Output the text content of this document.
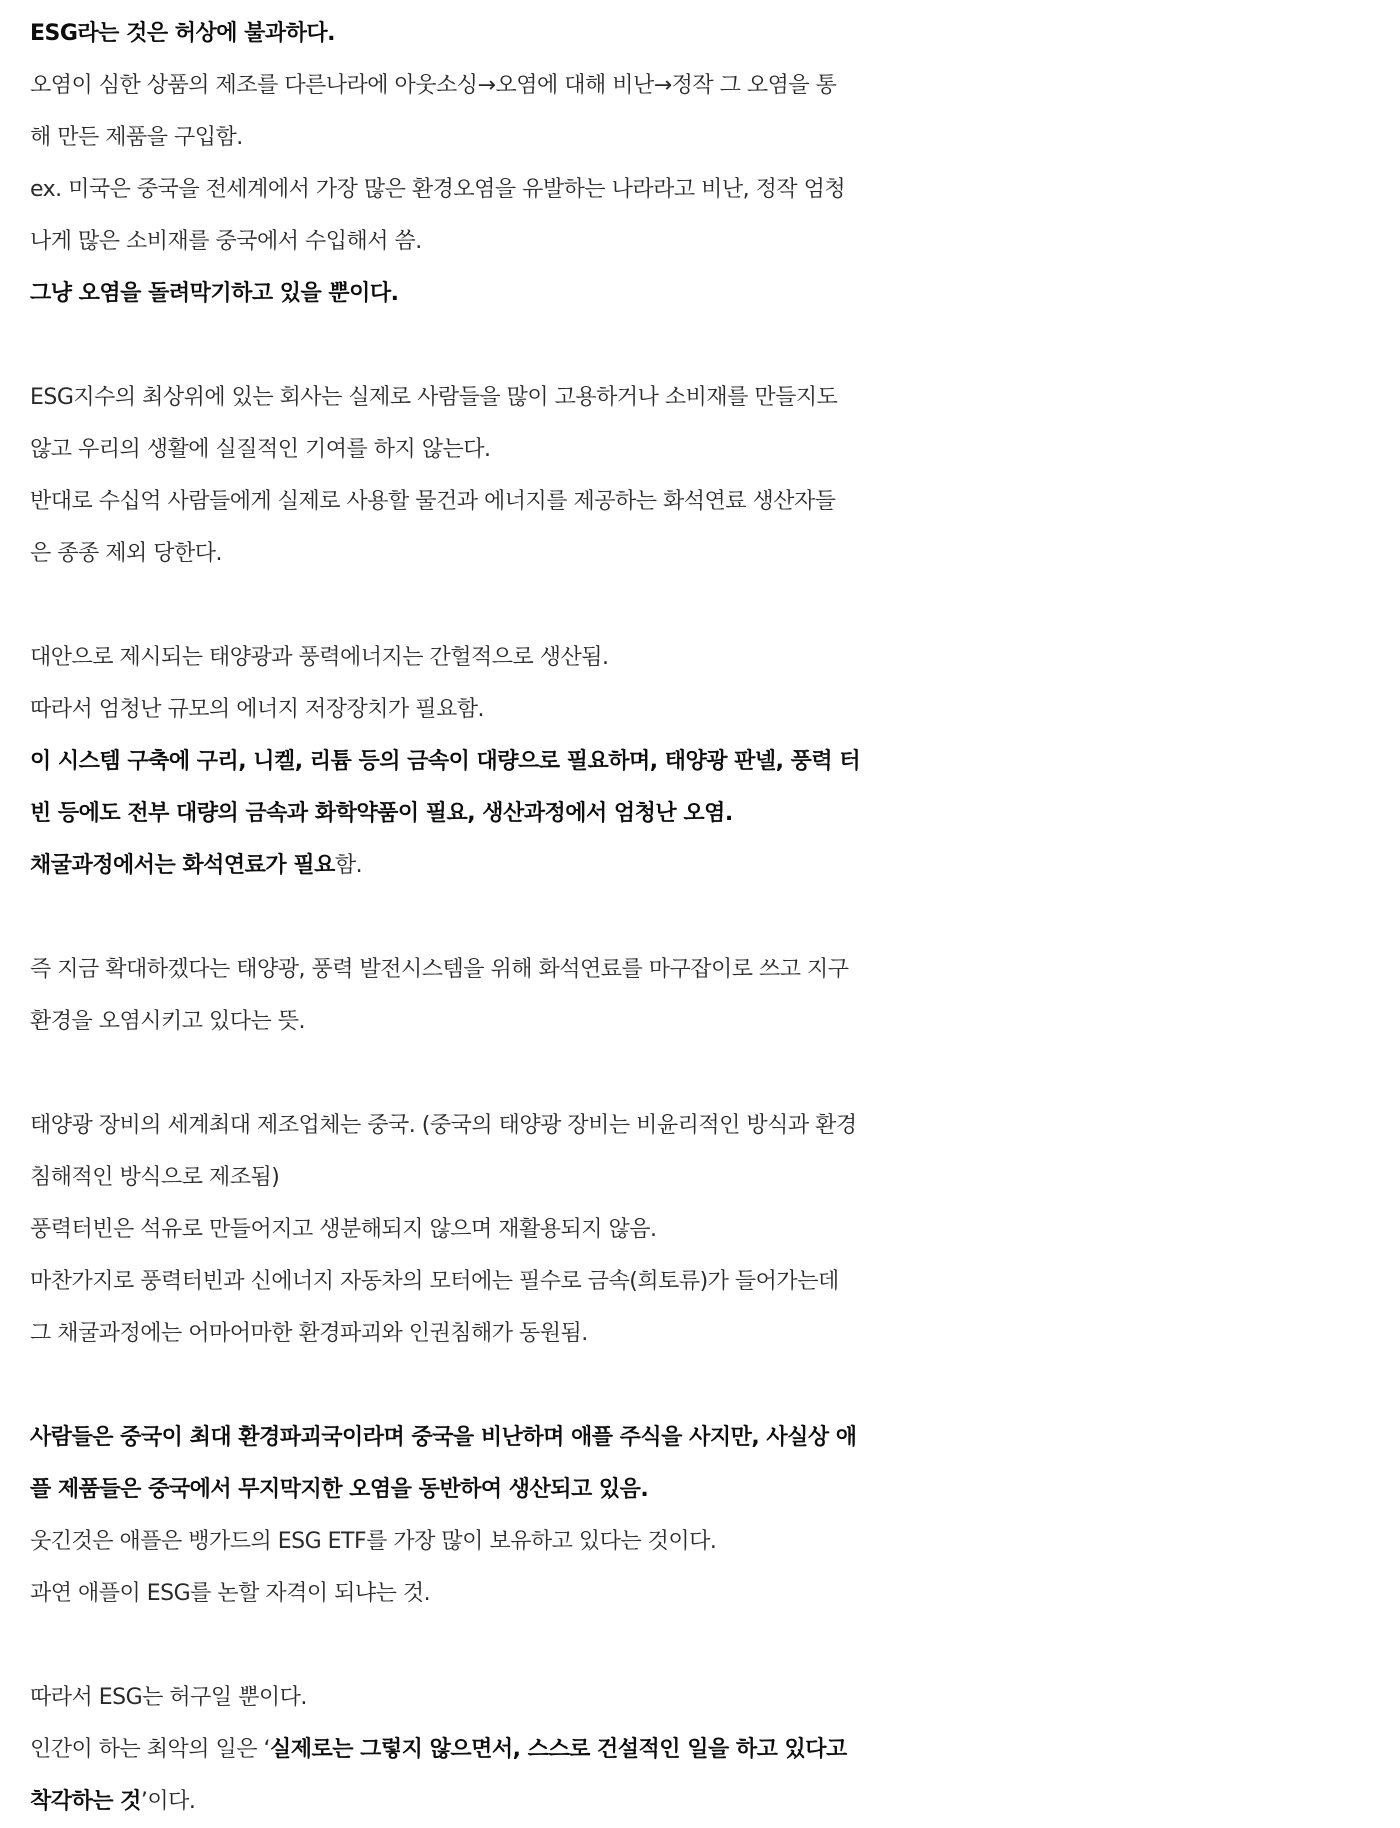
ESG라는 것은 허상에 불과하다.
오염이 심한 상품의 제조를 다른나라에 아웃소싱→오염에 대해 비난→정작 그 오염을 통
해 만든 제품을 구입함.
ex. 미국은 중국을 전세계에서 가장 많은 환경오염을 유발하는 나라라고 비난, 정작 엄청
나게 많은 소비재를 중국에서 수입해서 씀.
그냥 오염을 돌려막기하고 있을 뿐이다.
ESG지수의 최상위에 있는 회사는 실제로 사람들을 많이 고용하거나 소비재를 만들지도
않고 우리의 생활에 실질적인 기여를 하지 않는다.
반대로 수십억 사람들에게 실제로 사용할 물건과 에너지를 제공하는 화석연료 생산자들
은 종종 제외 당한다.
대안으로 제시되는 태양광과 풍력에너지는 간헐적으로 생산됨.
따라서 엄청난 규모의 에너지 저장장치가 필요함.
이 시스템 구축에 구리, 니켈, 리튬 등의 금속이 대량으로 필요하며, 태양광 판넬, 풍력 터
빈 등에도 전부 대량의 금속과 화학약품이 필요, 생산과정에서 엄청난 오염.
채굴과정에서는 화석연료가 필요함.
즉 지금 확대하겠다는 태양광, 풍력 발전시스템을 위해 화석연료를 마구잡이로 쓰고 지구
환경을 오염시키고 있다는 뜻.
태양광 장비의 세계최대 제조업체는 중국. (중국의 태양광 장비는 비윤리적인 방식과 환경
침해적인 방식으로 제조됨)
풍력터빈은 석유로 만들어지고 생분해되지 않으며 재활용되지 않음.
마찬가지로 풍력터빈과 신에너지 자동차의 모터에는 필수로 금속(희토류)가 들어가는데
그 채굴과정에는 어마어마한 환경파괴와 인권침해가 동원됨.
사람들은 중국이 최대 환경파괴국이라며 중국을 비난하며 애플 주식을 사지만, 사실상 애
플 제품들은 중국에서 무지막지한 오염을 동반하여 생산되고 있음.
웃긴것은 애플은 뱅가드의 ESG ETF를 가장 많이 보유하고 있다는 것이다.
과연 애플이 ESG를 논할 자격이 되냐는 것.
따라서 ESG는 허구일 뿐이다.
인간이 하는 최악의 일은 ‘실제로는 그렇지 않으면서, 스스로 건설적인 일을 하고 있다고
착각하는 것’이다.
